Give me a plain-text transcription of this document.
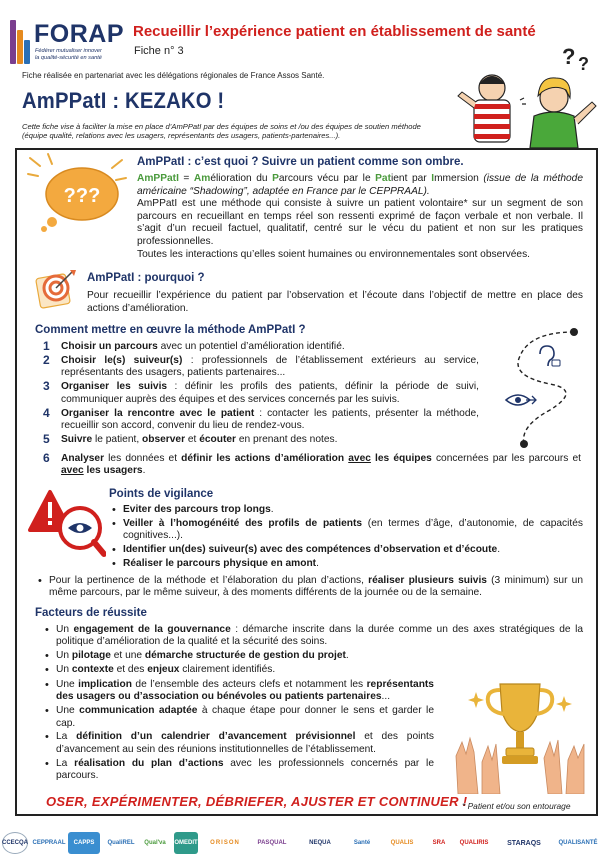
FORAP
Fédérer mutualiser innover
la qualité-sécurité en santé
Recueillir l’expérience patient en établissement de santé
Fiche n° 3
Fiche réalisée en partenariat avec les délégations régionales de France Assos Santé.
AmPPatI : KEZAKO !
Cette fiche vise à faciliter la mise en place d’AmPPatI par des équipes de soins et /ou des équipes de soutien méthode (équipe qualité, relations avec les usagers, représentants des usagers, patients-partenaires...).
? ?
???
AmPPatI : c’est quoi ? Suivre un patient comme son ombre.
AmPPatI = Amélioration du Parcours vécu par le Patient par Immersion (issue de la méthode américaine “Shadowing”, adaptée en France par le CEPPRAAL).
AmPPatI est une méthode qui consiste à suivre un patient volontaire* sur un segment de son parcours en recueillant en temps réel son ressenti exprimé de façon verbale et non verbale. Il s’agit d’un recueil factuel, qualitatif, centré sur le vécu du patient et non sur les pratiques professionnelles.
Toutes les interactions qu’elles soient humaines ou environnementales sont observées.
AmPPatI : pourquoi ?
Pour recueillir l’expérience du patient par l’observation et l’écoute dans l’objectif de mettre en place des actions d’amélioration.
Comment mettre en œuvre la méthode AmPPatI ?
1 Choisir un parcours avec un potentiel d’amélioration identifié.
2 Choisir le(s) suiveur(s) : professionnels de l’établissement extérieurs au service, représentants des usagers, patients partenaires...
3 Organiser les suivis : définir les profils des patients, définir la période de suivi, communiquer auprès des équipes et des services concernés par les suivis.
4 Organiser la rencontre avec le patient : contacter les patients, présenter la méthode, recueillir son accord, convenir du lieu de rendez-vous.
5 Suivre le patient, observer et écouter en prenant des notes.
6 Analyser les données et définir les actions d’amélioration avec les équipes concernées par les parcours et avec les usagers.
Points de vigilance
• Eviter des parcours trop longs.
• Veiller à l’homogénéité des profils de patients (en termes d’âge, d’autonomie, de capacités cognitives...).
• Identifier un(des) suiveur(s) avec des compétences d’observation et d’écoute.
• Réaliser le parcours physique en amont.
• Pour la pertinence de la méthode et l’élaboration du plan d’actions, réaliser plusieurs suivis (3 minimum) sur un même parcours, par le même suiveur, à des moments différents de la journée ou de la semaine.
Facteurs de réussite
• Un engagement de la gouvernance : démarche inscrite dans la durée comme un des axes stratégiques de la politique d’amélioration de la qualité et la sécurité des soins.
• Un pilotage et une démarche structurée de gestion du projet.
• Un contexte et des enjeux clairement identifiés.
• Une implication de l’ensemble des acteurs clefs et notamment les représentants des usagers ou d’association ou bénévoles ou patients partenaires...
• Une communication adaptée à chaque étape pour donner le sens et garder le cap.
• La définition d’un calendrier d’avancement prévisionnel et des points d’avancement au sein des réunions institutionnelles de l’établissement.
• La réalisation du plan d’actions avec les professionnels concernés par le parcours.
OSER, EXPÉRIMENTER, DÉBRIEFER, AJUSTER ET CONTINUER !
* Patient et/ou son entourage
CCECQA CEPPRAAL	CAPPS	QualiREL	Qual'va	OMEDIT	ORISON	PASQUAL	NEQUA	Santé	QUALIS	SRA	QUALIRIS	STARAQS	QUALISANTÉ
